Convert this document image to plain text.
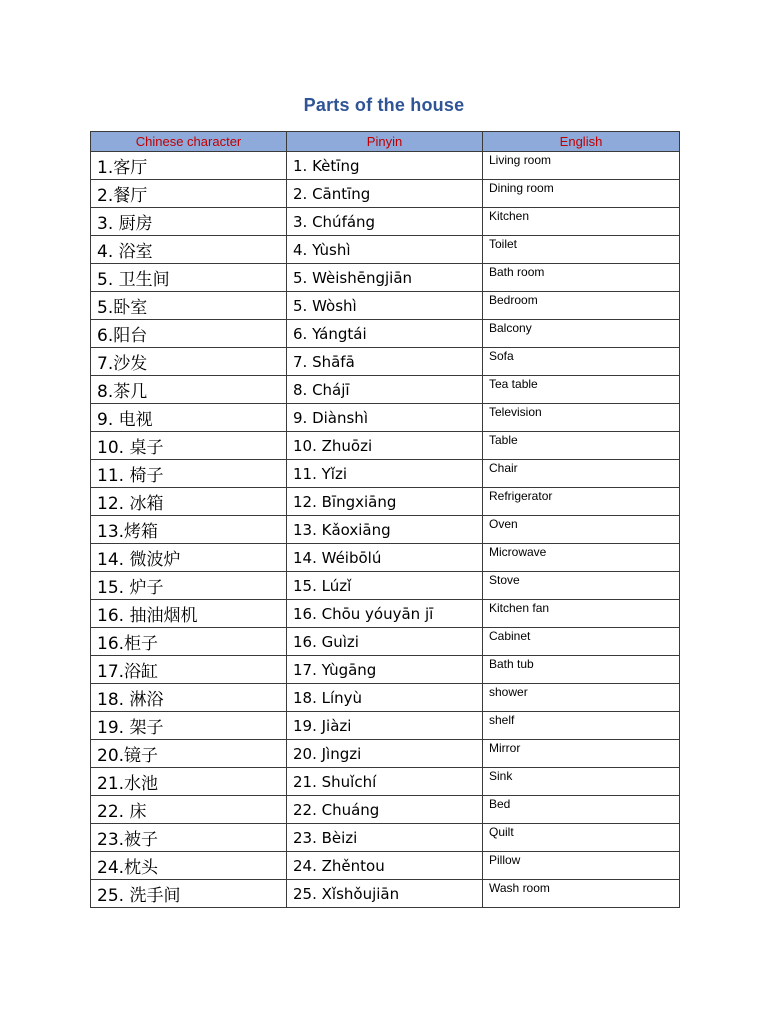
Parts of the house
Chinese character	Pinyin	English
1.客厅	1. Kètīng	Living room
2.餐厅	2. Cāntīng	Dining room
3. 厨房	3. Chúfáng	Kitchen
4. 浴室	4. Yùshì	Toilet
5. 卫生间	5. Wèishēngjiān	Bath room
5.卧室	5. Wòshì	Bedroom
6.阳台	6. Yángtái	Balcony
7.沙发	7. Shāfā	Sofa
8.茶几	8. Chájī	Tea table
9. 电视	9. Diànshì	Television
10. 桌子	10. Zhuōzi	Table
11. 椅子	11. Yǐzi	Chair
12. 冰箱	12. Bīngxiāng	Refrigerator
13.烤箱	13. Kǎoxiāng	Oven
14. 微波炉	14. Wéibōlú	Microwave
15. 炉子	15. Lúzǐ	Stove
16. 抽油烟机	16. Chōu yóuyān jī	Kitchen fan
16.柜子	16. Guìzi	Cabinet
17.浴缸	17. Yùgāng	Bath tub
18. 淋浴	18. Línyù	shower
19. 架子	19. Jiàzi	shelf
20.镜子	20. Jìngzi	Mirror
21.水池	21. Shuǐchí	Sink
22. 床	22. Chuáng	Bed
23.被子	23. Bèizi	Quilt
24.枕头	24. Zhěntou	Pillow
25. 洗手间	25. Xǐshǒujiān	Wash room
